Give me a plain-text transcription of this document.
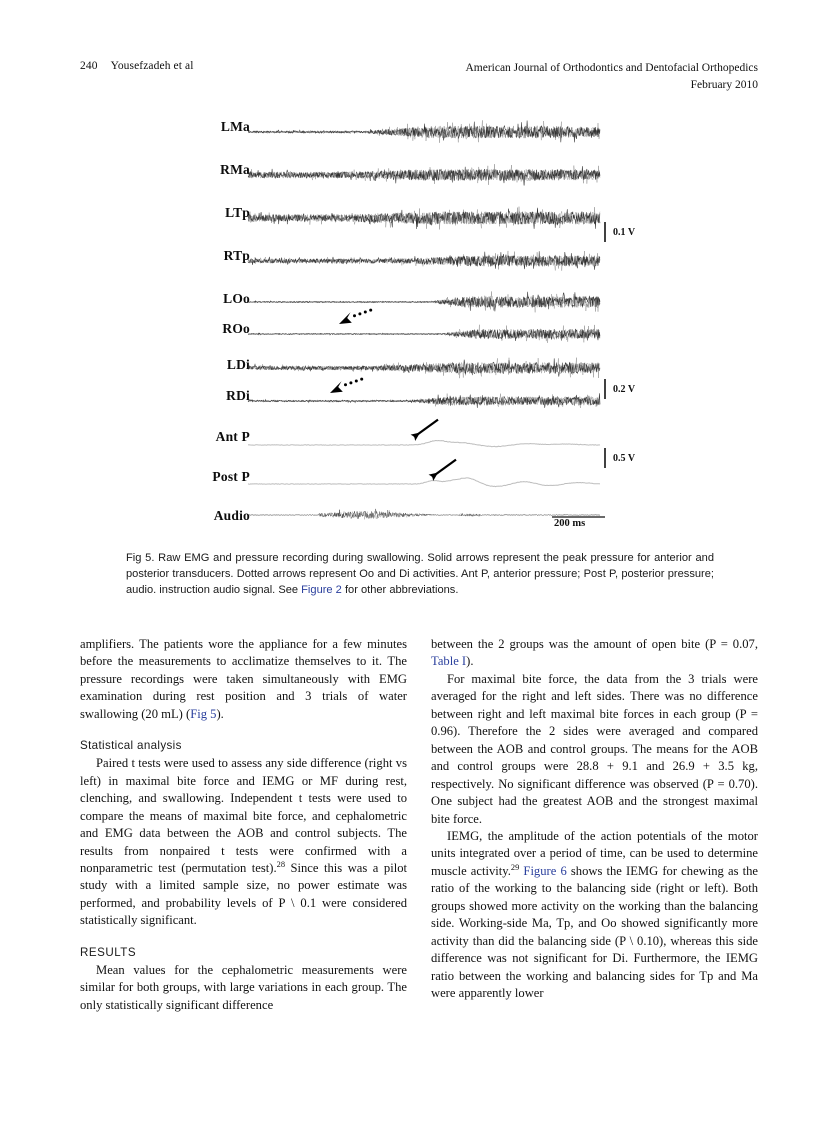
240 Yousefzadeh et al	American Journal of Orthodontics and Dentofacial Orthopedics
February 2010
LMa
RMa
LTp
RTp
LOo
ROo
LDi
RDi
Ant P
Post P
Audio
0.1 V
0.2 V
0.5 V
200 ms
Fig 5. Raw EMG and pressure recording during swallowing. Solid arrows represent the peak pressure for anterior and posterior transducers. Dotted arrows represent Oo and Di activities. Ant P, anterior pressure; Post P, posterior pressure; audio. instruction audio signal. See Figure 2 for other abbreviations.

amplifiers. The patients wore the appliance for a few minutes before the measurements to acclimatize themselves to it. The pressure recordings were taken simultaneously with EMG examination during rest position and 3 trials of water swallowing (20 mL) (Fig 5).

Statistical analysis

Paired t tests were used to assess any side difference (right vs left) in maximal bite force and IEMG or MF during rest, clenching, and swallowing. Independent t tests were used to compare the means of maximal bite force, and cephalometric and EMG data between the AOB and control subjects. The results from nonpaired t tests were confirmed with a nonparametric test (permutation test).$^{28}$ Since this was a pilot study with a limited sample size, no power estimate was performed, and probability levels of P \ 0.1 were considered statistically significant.

RESULTS

Mean values for the cephalometric measurements were similar for both groups, with large variations in each group. The only statistically significant difference

between the 2 groups was the amount of open bite (P = 0.07, Table I).

For maximal bite force, the data from the 3 trials were averaged for the right and left sides. There was no difference between right and left maximal bite forces in each group (P = 0.96). Therefore the 2 sides were averaged and compared between the AOB and control groups. The means for the AOB and control groups were 28.8 + 9.1 and 26.9 + 3.5 kg, respectively. No significant difference was observed (P = 0.70). One subject had the greatest AOB and the strongest maximal bite force.

IEMG, the amplitude of the action potentials of the motor units integrated over a period of time, can be used to determine muscle activity.$^{29}$ Figure 6 shows the IEMG for chewing as the ratio of the working to the balancing side (right or left). Both groups showed more activity on the working than the balancing side. Working-side Ma, Tp, and Oo showed significantly more activity than did the balancing side (P \ 0.10), whereas this side difference was not significant for Di. Furthermore, the IEMG ratio between the working and balancing sides for Tp and Ma were apparently lower
